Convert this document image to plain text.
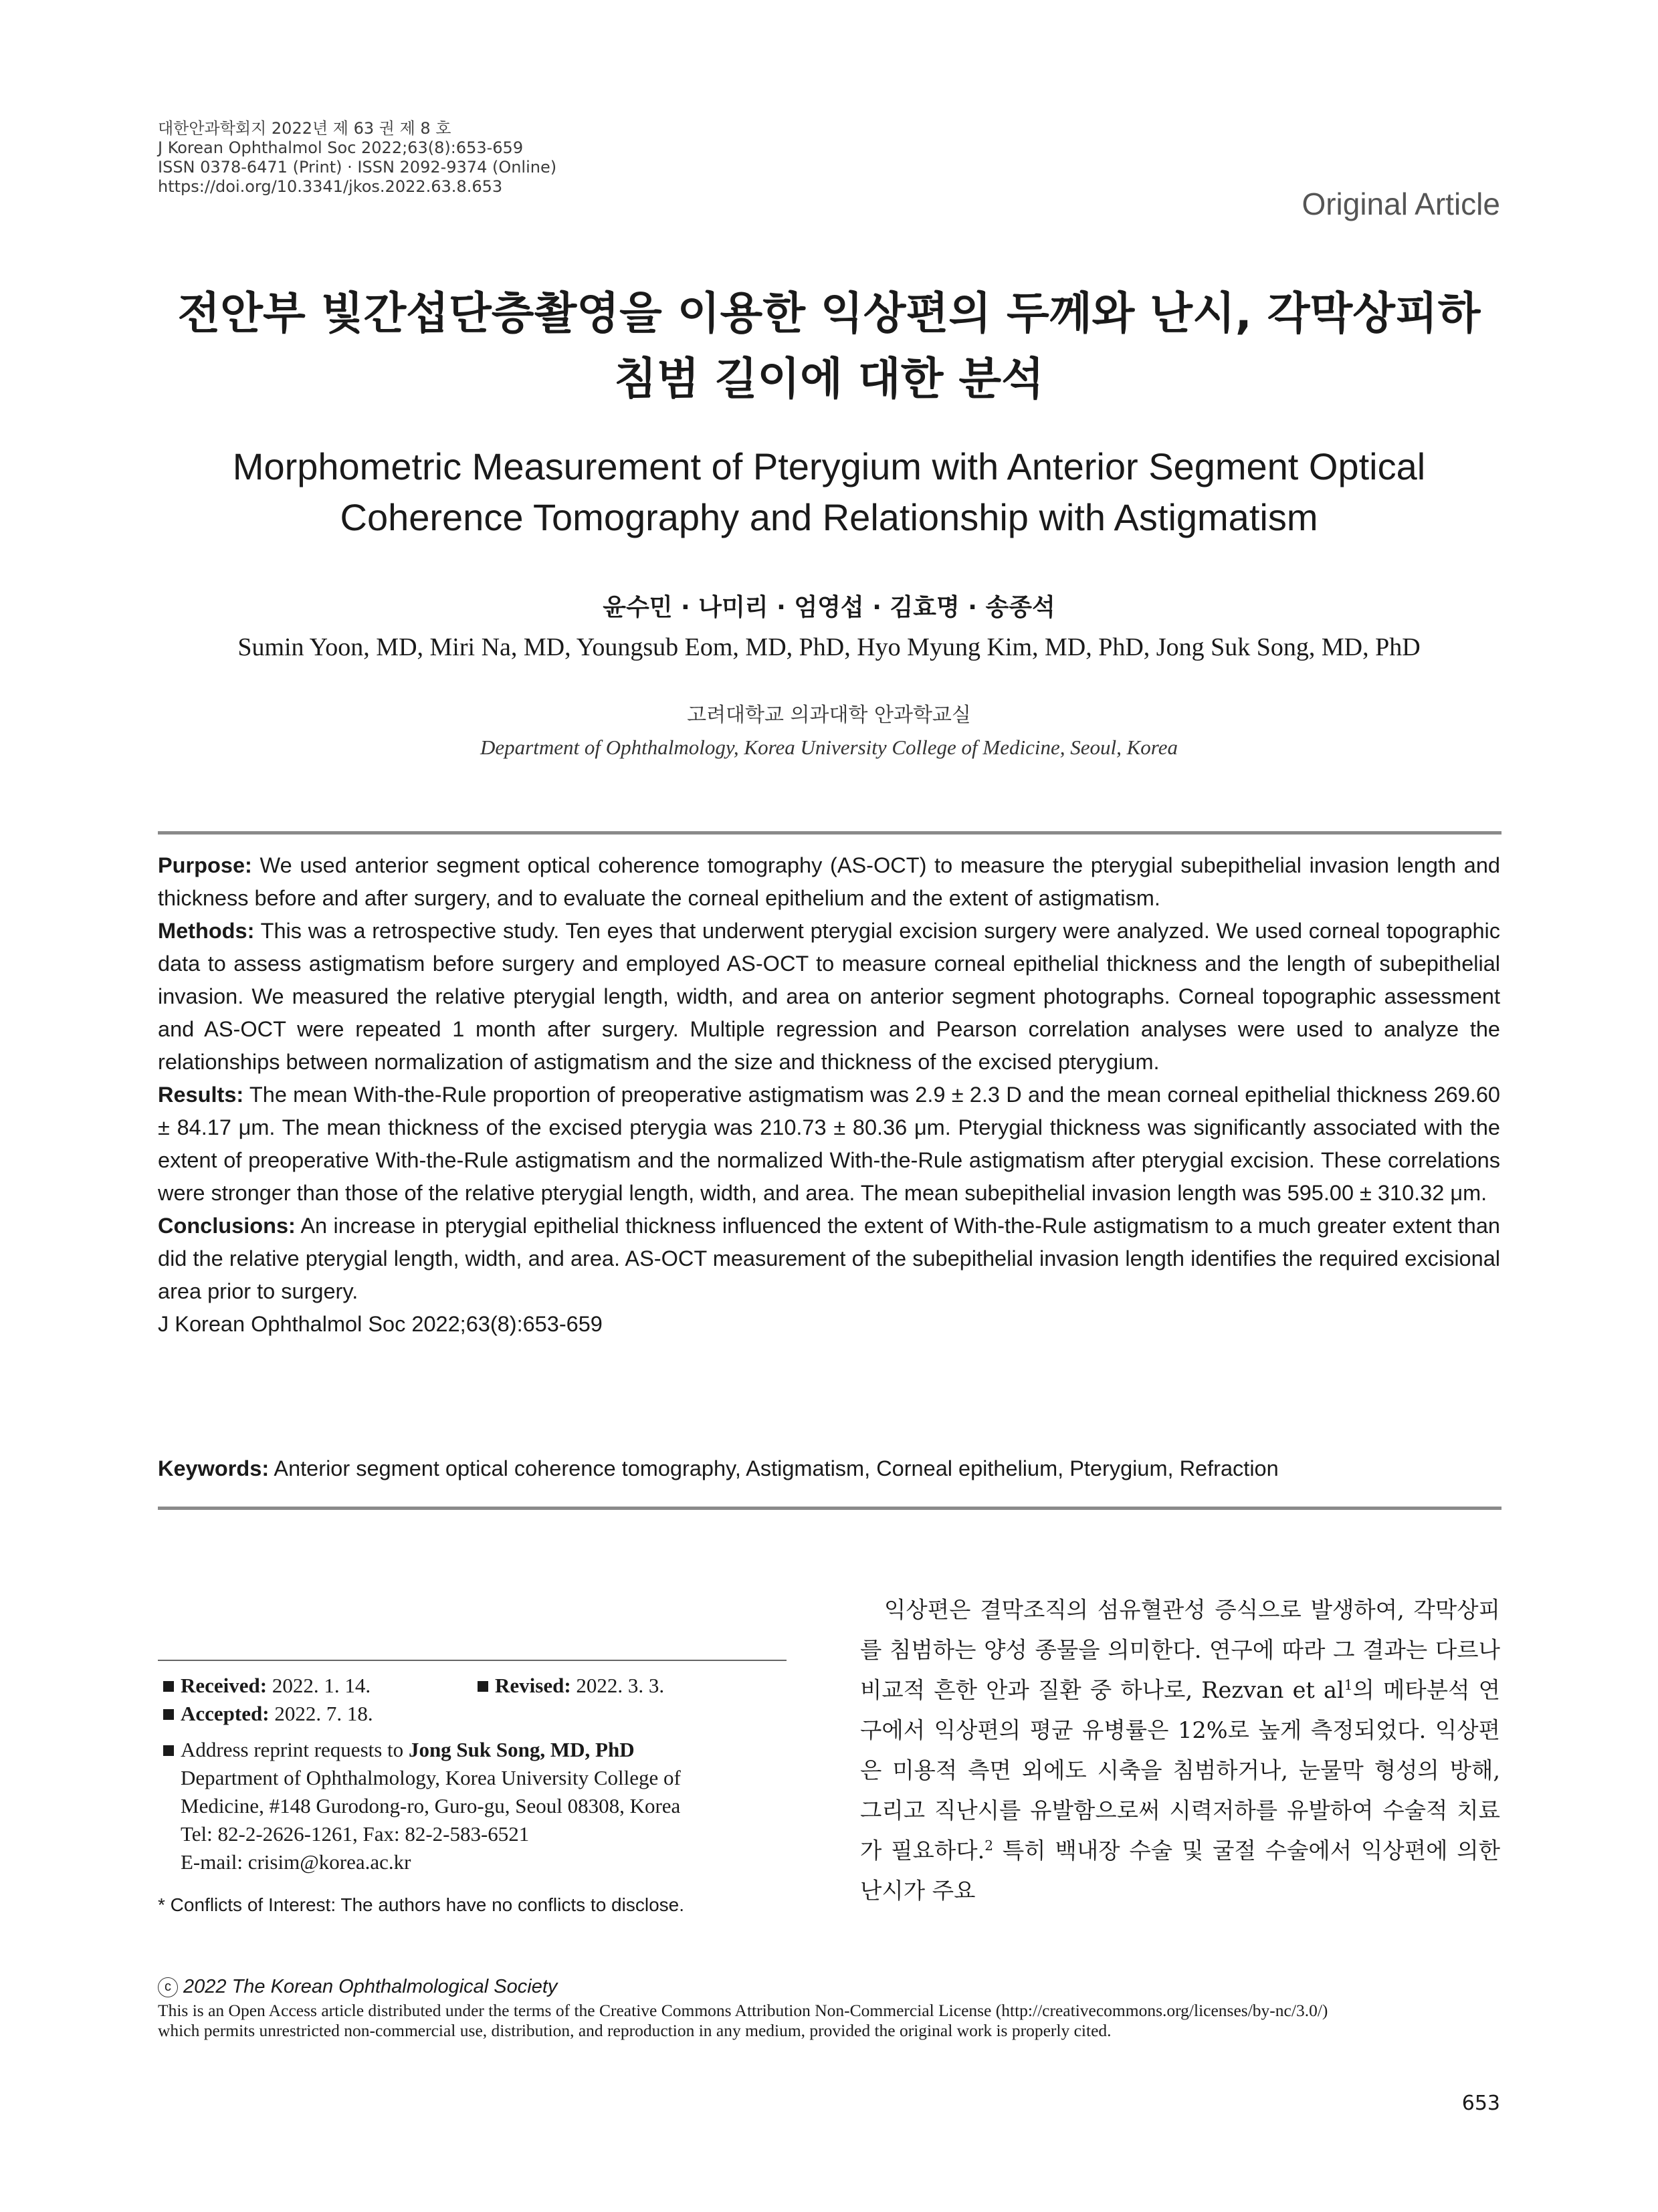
대한안과학회지 2022년 제 63 권 제 8 호
J Korean Ophthalmol Soc 2022;63(8):653-659
ISSN 0378-6471 (Print) · ISSN 2092-9374 (Online)
https://doi.org/10.3341/jkos.2022.63.8.653	Original Article
전안부 빛간섭단층촬영을 이용한 익상편의 두께와 난시, 각막상피하
침범 길이에 대한 분석
Morphometric Measurement of Pterygium with Anterior Segment Optical
Coherence Tomography and Relationship with Astigmatism
윤수민 · 나미리 · 엄영섭 · 김효명 · 송종석
Sumin Yoon, MD, Miri Na, MD, Youngsub Eom, MD, PhD, Hyo Myung Kim, MD, PhD, Jong Suk Song, MD, PhD
고려대학교 의과대학 안과학교실
Department of Ophthalmology, Korea University College of Medicine, Seoul, Korea

Purpose: We used anterior segment optical coherence tomography (AS-OCT) to measure the pterygial subepithelial invasion length and thickness before and after surgery, and to evaluate the corneal epithelium and the extent of astigmatism.

Methods: This was a retrospective study. Ten eyes that underwent pterygial excision surgery were analyzed. We used corneal topographic data to assess astigmatism before surgery and employed AS-OCT to measure corneal epithelial thickness and the length of subepithelial invasion. We measured the relative pterygial length, width, and area on anterior segment photographs. Corneal topographic assessment and AS-OCT were repeated 1 month after surgery. Multiple regression and Pearson correlation analyses were used to analyze the relationships between normalization of astigmatism and the size and thickness of the excised pterygium.

Results: The mean With-the-Rule proportion of preoperative astigmatism was 2.9 ± 2.3 D and the mean corneal epithelial thickness 269.60 ± 84.17 μm. The mean thickness of the excised pterygia was 210.73 ± 80.36 μm. Pterygial thickness was significantly associated with the extent of preoperative With-the-Rule astigmatism and the normalized With-the-Rule astigmatism after pterygial excision. These correlations were stronger than those of the relative pterygial length, width, and area. The mean subepithelial invasion length was 595.00 ± 310.32 μm.

Conclusions: An increase in pterygial epithelial thickness influenced the extent of With-the-Rule astigmatism to a much greater extent than did the relative pterygial length, width, and area. AS-OCT measurement of the subepithelial invasion length identifies the required excisional area prior to surgery.

J Korean Ophthalmol Soc 2022;63(8):653-659

Keywords: Anterior segment optical coherence tomography, Astigmatism, Corneal epithelium, Pterygium, Refraction
Received: 2022. 1. 14.	Revised: 2022. 3. 3.
Accepted: 2022. 7. 18.
Address reprint requests to Jong Suk Song, MD, PhD
Department of Ophthalmology, Korea University College of
Medicine, #148 Gurodong-ro, Guro-gu, Seoul 08308, Korea
Tel: 82-2-2626-1261, Fax: 82-2-583-6521
E-mail: crisim@korea.ac.kr
* Conflicts of Interest: The authors have no conflicts to disclose.

익상편은 결막조직의 섬유혈관성 증식으로 발생하여, 각막상피를 침범하는 양성 종물을 의미한다. 연구에 따라 그 결과는 다르나 비교적 흔한 안과 질환 중 하나로, Rezvan et $al^1$의 메타분석 연구에서 익상편의 평균 유병률은 12%로 높게 측정되었다. 익상편은 미용적 측면 외에도 시축을 침범하거나, 눈물막 형성의 방해, 그리고 직난시를 유발함으로써 시력저하를 유발하여 수술적 치료가 필요하다.$^2$ 특히 백내장 수술 및 굴절 수술에서 익상편에 의한 난시가 주요

c 2022 The Korean Ophthalmological Society
This is an Open Access article distributed under the terms of the Creative Commons Attribution Non-Commercial License (http://creativecommons.org/licenses/by-nc/3.0/)
which permits unrestricted non-commercial use, distribution, and reproduction in any medium, provided the original work is properly cited.
653
